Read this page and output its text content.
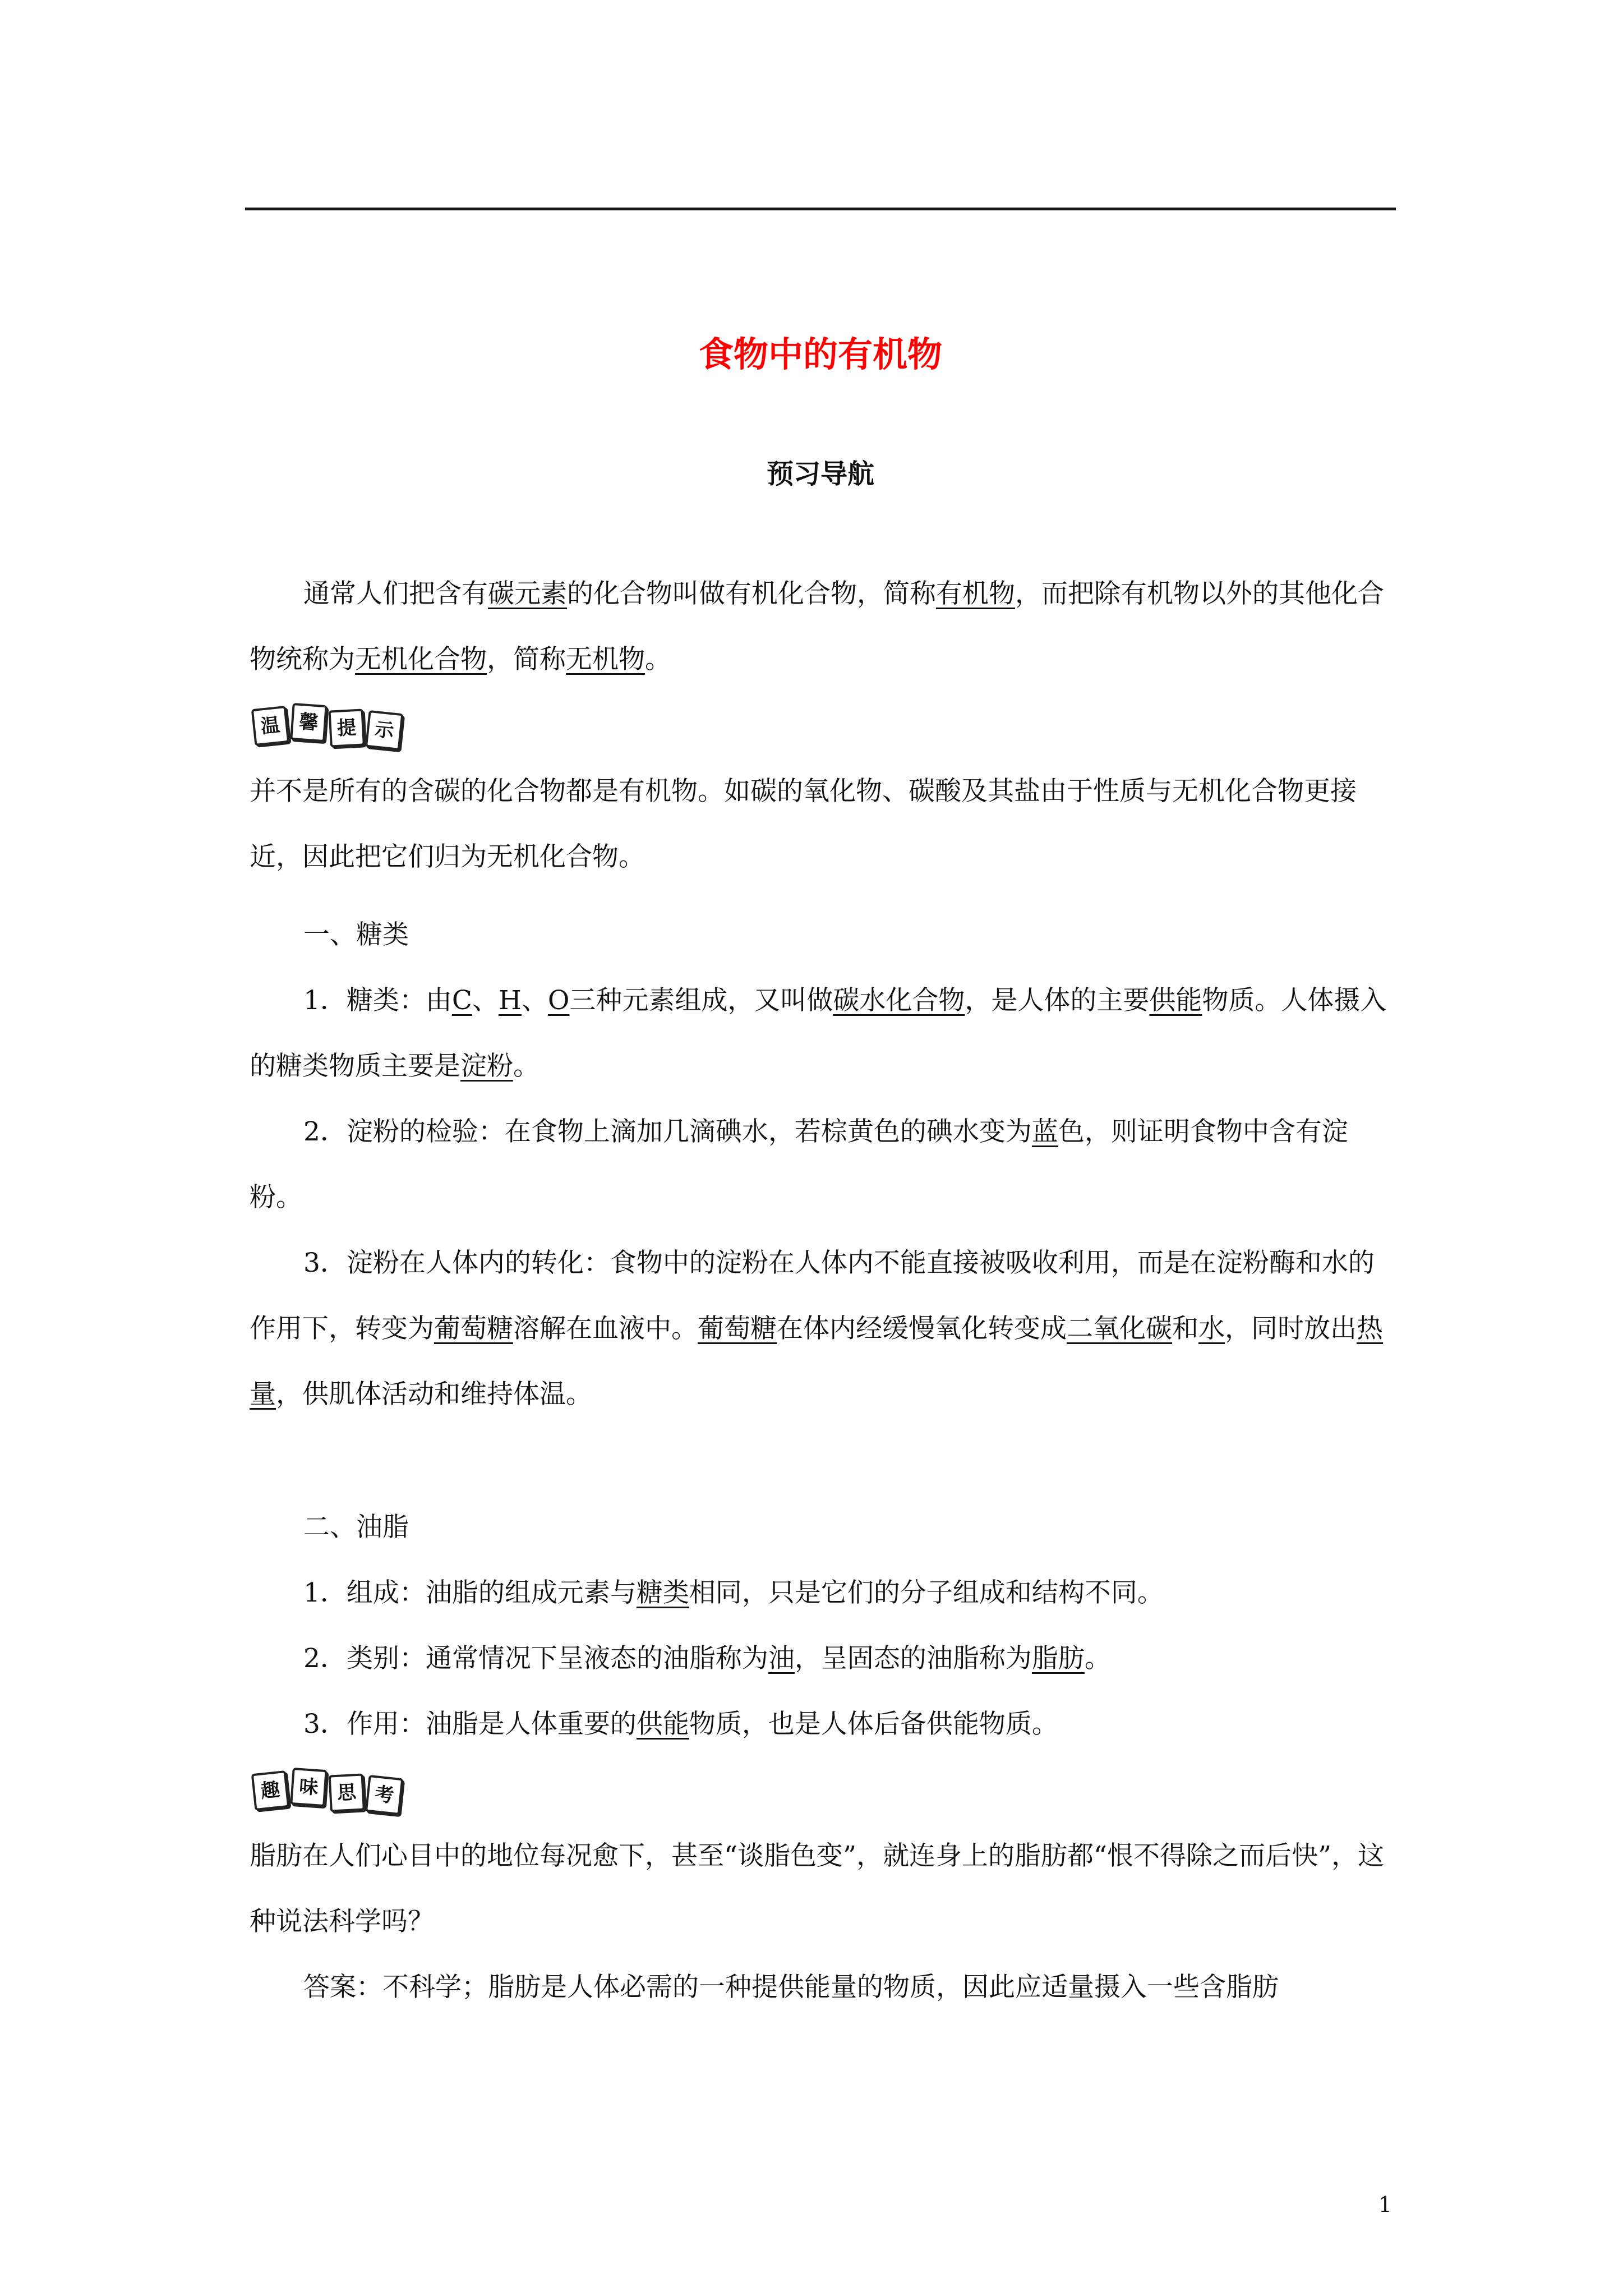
食物中的有机物
预习导航

通常人们把含有碳元素的化合物叫做有机化合物，简称有机物，而把除有机物以外的其他化合物统称为无机化合物，简称无机物。

温 馨 提 示

并不是所有的含碳的化合物都是有机物。如碳的氧化物、碳酸及其盐由于性质与无机化合物更接近，因此把它们归为无机化合物。

一、糖类

1．糖类：由C、H、O三种元素组成，又叫做碳水化合物，是人体的主要供能物质。人体摄入的糖类物质主要是淀粉。

2．淀粉的检验：在食物上滴加几滴碘水，若棕黄色的碘水变为蓝色，则证明食物中含有淀粉。

3．淀粉在人体内的转化：食物中的淀粉在人体内不能直接被吸收利用，而是在淀粉酶和水的作用下，转变为葡萄糖溶解在血液中。葡萄糖在体内经缓慢氧化转变成二氧化碳和水，同时放出热量，供肌体活动和维持体温。

二、油脂

1．组成：油脂的组成元素与糖类相同，只是它们的分子组成和结构不同。

2．类别：通常情况下呈液态的油脂称为油，呈固态的油脂称为脂肪。

3．作用：油脂是人体重要的供能物质，也是人体后备供能物质。

趣 味 思 考

脂肪在人们心目中的地位每况愈下，甚至“谈脂色变”，就连身上的脂肪都“恨不得除之而后快”，这种说法科学吗？

答案：不科学；脂肪是人体必需的一种提供能量的物质，因此应适量摄入一些含脂肪

1
